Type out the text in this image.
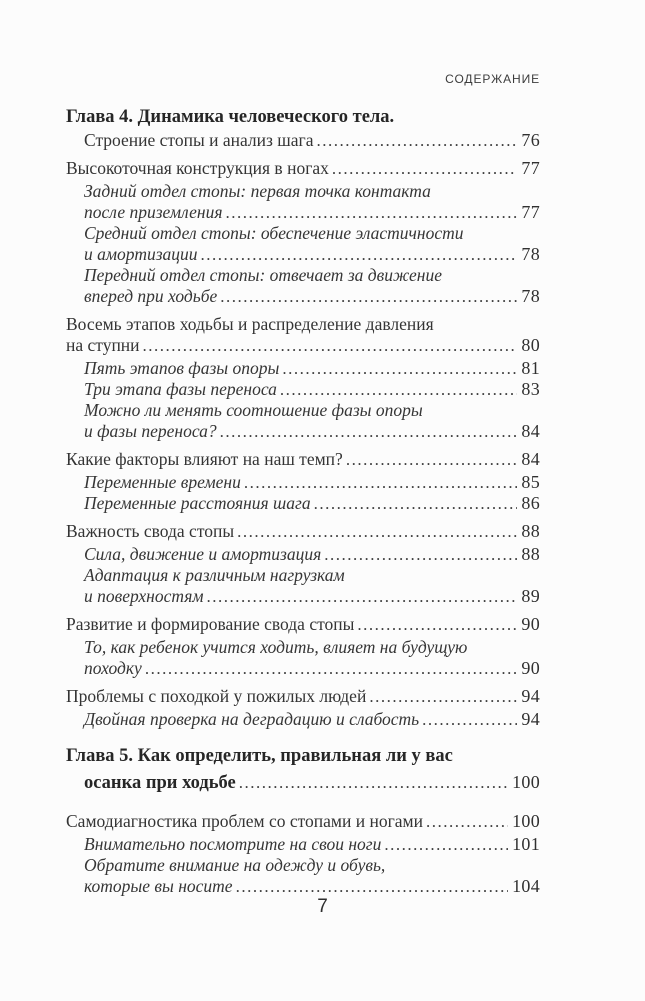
СОДЕРЖАНИЕ
Глава 4. Динамика человеческого тела.
Строение стопы и анализ шага .....	76
Высокоточная конструкция в ногах .....	77
Задний отдел стопы: первая точка контакта
после приземления .....	77
Средний отдел стопы: обеспечение эластичности
и амортизации .....	78
Передний отдел стопы: отвечает за движение
вперед при ходьбе .....	78
Восемь этапов ходьбы и распределение давления
на ступни .....	80
Пять этапов фазы опоры .....	81
Три этапа фазы переноса .....	83
Можно ли менять соотношение фазы опоры
и фазы переноса? .....	84
Какие факторы влияют на наш темп? .....	84
Переменные времени .....	85
Переменные расстояния шага .....	86
Важность свода стопы .....	88
Сила, движение и амортизация .....	88
Адаптация к различным нагрузкам
и поверхностям .....	89
Развитие и формирование свода стопы .....	90
То, как ребенок учится ходить, влияет на будущую
походку .....	90
Проблемы с походкой у пожилых людей .....	94
Двойная проверка на деградацию и слабость .....	94
Глава 5. Как определить, правильная ли у вас
осанка при ходьбе .....	100
Самодиагностика проблем со стопами и ногами .....	100
Внимательно посмотрите на свои ноги .....	101
Обратите внимание на одежду и обувь,
которые вы носите .....	104
7
